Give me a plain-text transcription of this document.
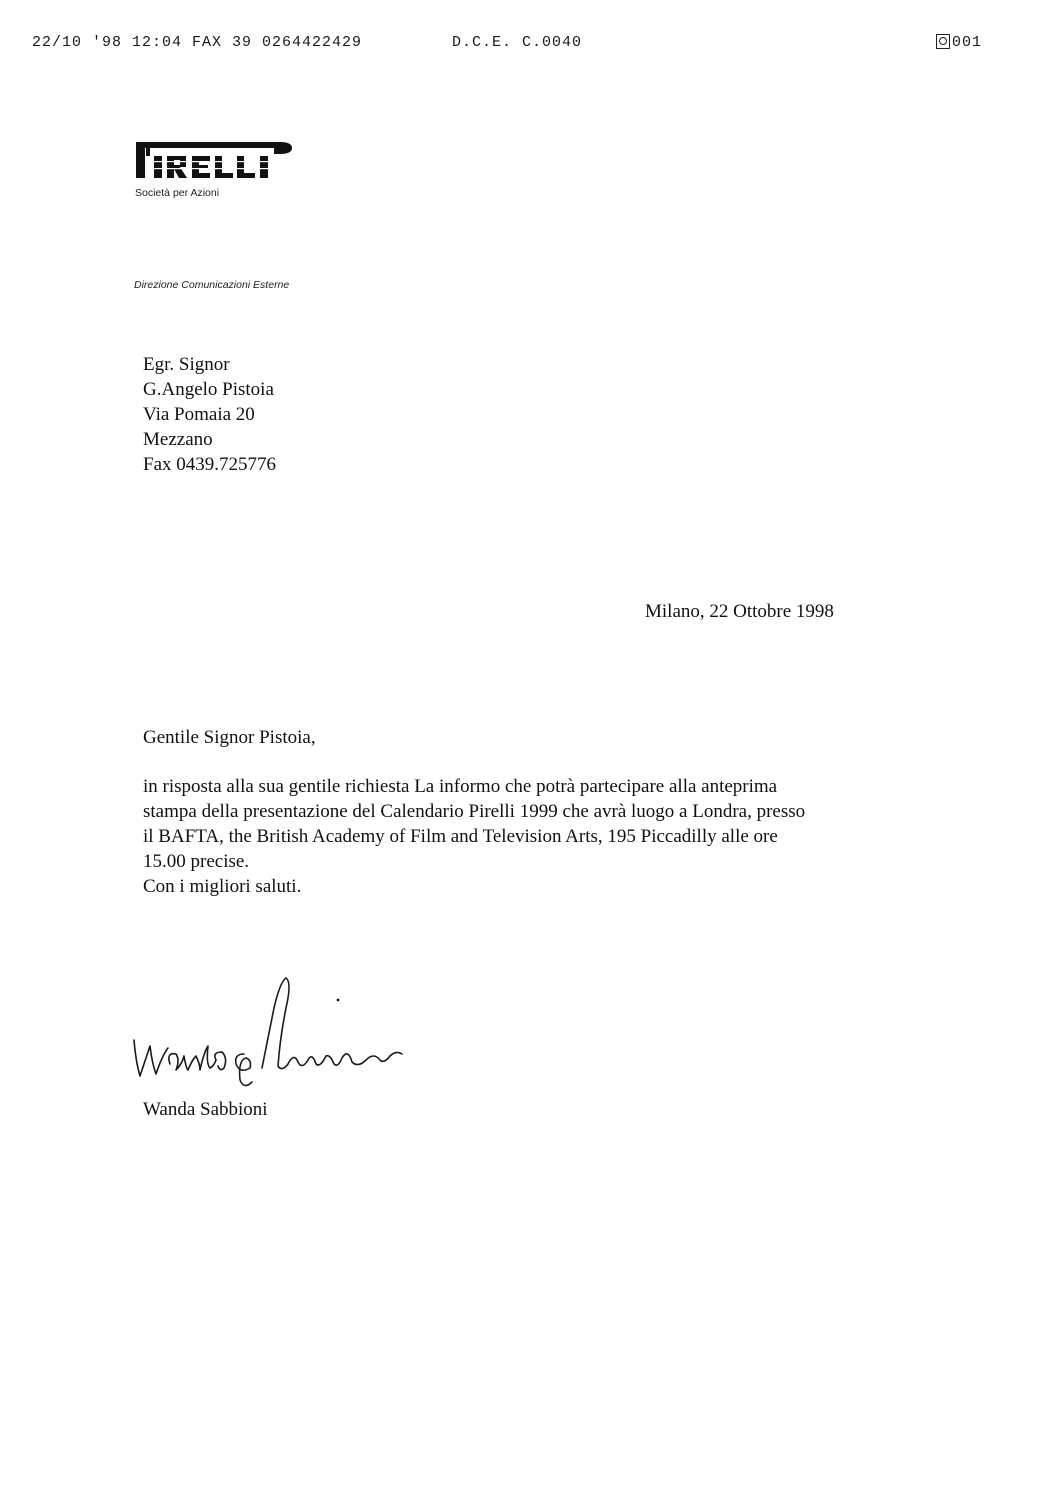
22/10 '98 12:04 FAX 39 0264422429	D.C.E. C.0040	001
Società per Azioni
Direzione Comunicazioni Esterne
Egr. Signor
G.Angelo Pistoia
Via Pomaia 20
Mezzano
Fax 0439.725776
Milano, 22 Ottobre 1998
Gentile Signor Pistoia,
in risposta alla sua gentile richiesta La informo che potrà partecipare alla anteprima
stampa della presentazione del Calendario Pirelli 1999 che avrà luogo a Londra, presso
il BAFTA, the British Academy of Film and Television Arts, 195 Piccadilly alle ore
15.00 precise.
Con i migliori saluti.
Wanda Sabbioni
